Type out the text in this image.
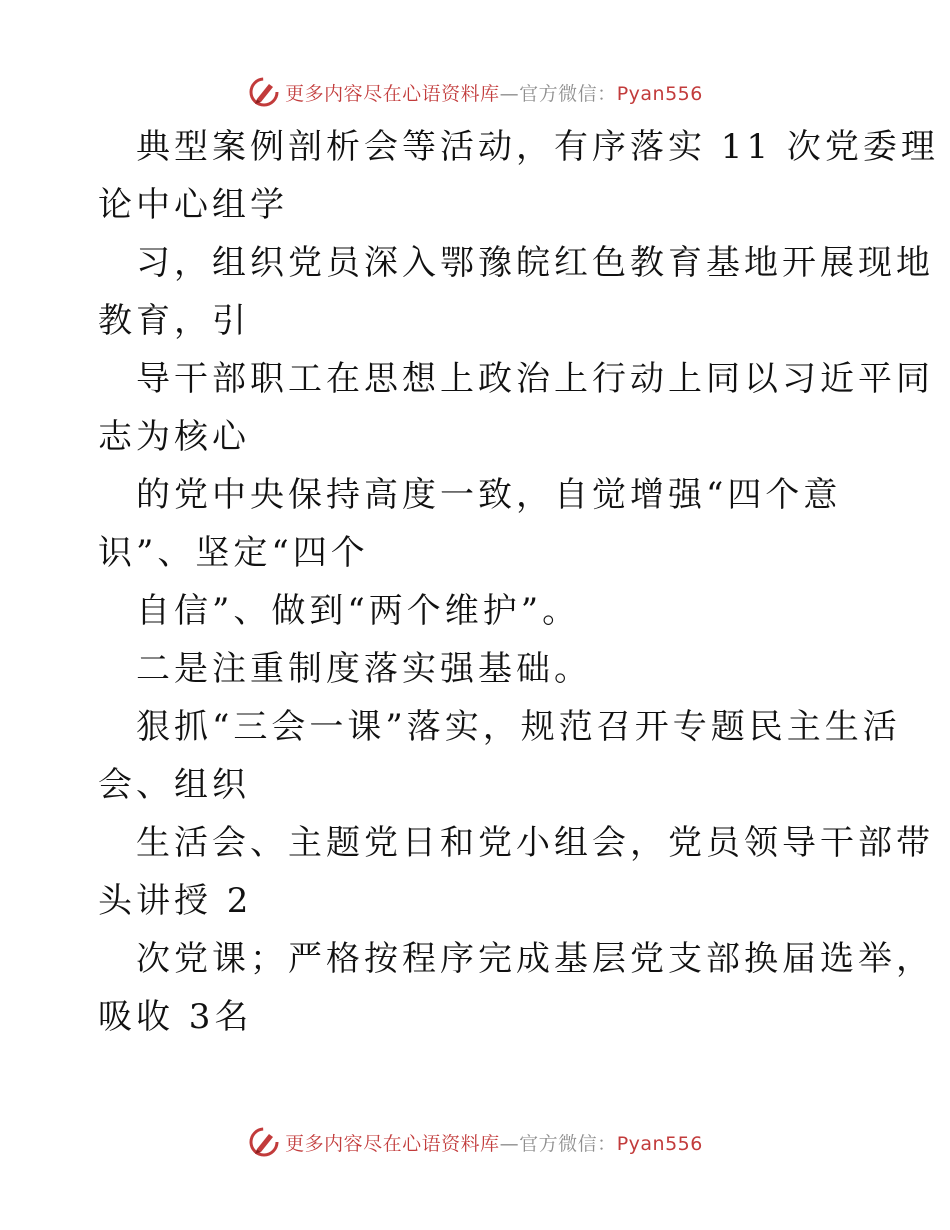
更多内容尽在心语资料库—官方微信：Pyan556
典型案例剖析会等活动，有序落实 11 次党委理
论中心组学
习，组织党员深入鄂豫皖红色教育基地开展现地
教育，引
导干部职工在思想上政治上行动上同以习近平同
志为核心
的党中央保持高度一致，自觉增强“四个意
识”、坚定“四个
自信”、做到“两个维护”。
二是注重制度落实强基础。
狠抓“三会一课”落实，规范召开专题民主生活
会、组织
生活会、主题党日和党小组会，党员领导干部带
头讲授 2
次党课；严格按程序完成基层党支部换届选举，
吸收 3名
更多内容尽在心语资料库—官方微信：Pyan556
